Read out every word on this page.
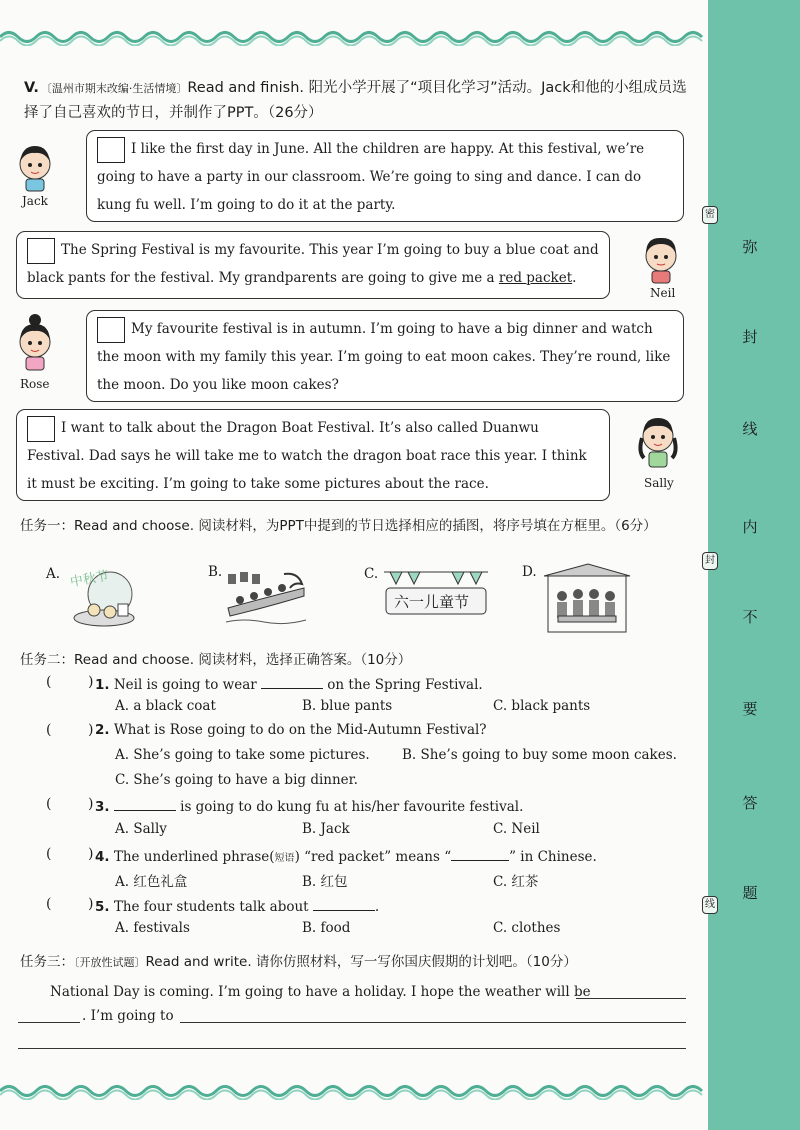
V. 〔温州市期末改编·生活情境〕Read and finish. 阳光小学开展了“项目化学习”活动。Jack和他的小组成员选择了自己喜欢的节日，并制作了PPT。（26分）
Jack
I like the first day in June. All the children are happy. At this festival, we’re going to have a party in our classroom. We’re going to sing and dance. I can do kung fu well. I’m going to do it at the party.
The Spring Festival is my favourite. This year I’m going to buy a blue coat and black pants for the festival. My grandparents are going to give me a red packet.
Neil
Rose
My favourite festival is in autumn. I’m going to have a big dinner and watch the moon with my family this year. I’m going to eat moon cakes. They’re round, like the moon. Do you like moon cakes?
I want to talk about the Dragon Boat Festival. It’s also called Duanwu Festival. Dad says he will take me to watch the dragon boat race this year. I think it must be exciting. I’m going to take some pictures about the race.	Sally
任务一：Read and choose. 阅读材料，为PPT中提到的节日选择相应的插图，将序号填在方框里。（6分）
A. 中秋节	B.	C.
六一儿童节
D.
任务二：Read and choose. 阅读材料，选择正确答案。（10分）
(	) 1. Neil is going to wear	on the Spring Festival.
A. a black coat	B. blue pants	C. black pants
(	) 2. What is Rose going to do on the Mid-Autumn Festival?
A. She’s going to take some pictures. B. She’s going to buy some moon cakes.
C. She’s going to have a big dinner.
(	) 3.	is going to do kung fu at his/her favourite festival.
A. Sally	B. Jack	C. Neil
(	) 4. The underlined phrase(短语) “red packet” means “	” in Chinese.
A. 红色礼盒	B. 红包	C. 红茶
(	) 5. The four students talk about	.
A. festivals	B. food	C. clothes
任务三：〔开放性试题〕Read and write. 请你仿照材料，写一写你国庆假期的计划吧。（10分）
National Day is coming. I’m going to have a holiday. I hope the weather will be
. I’m going to
密
封
线
弥
封
线
内
不
要
答
题
